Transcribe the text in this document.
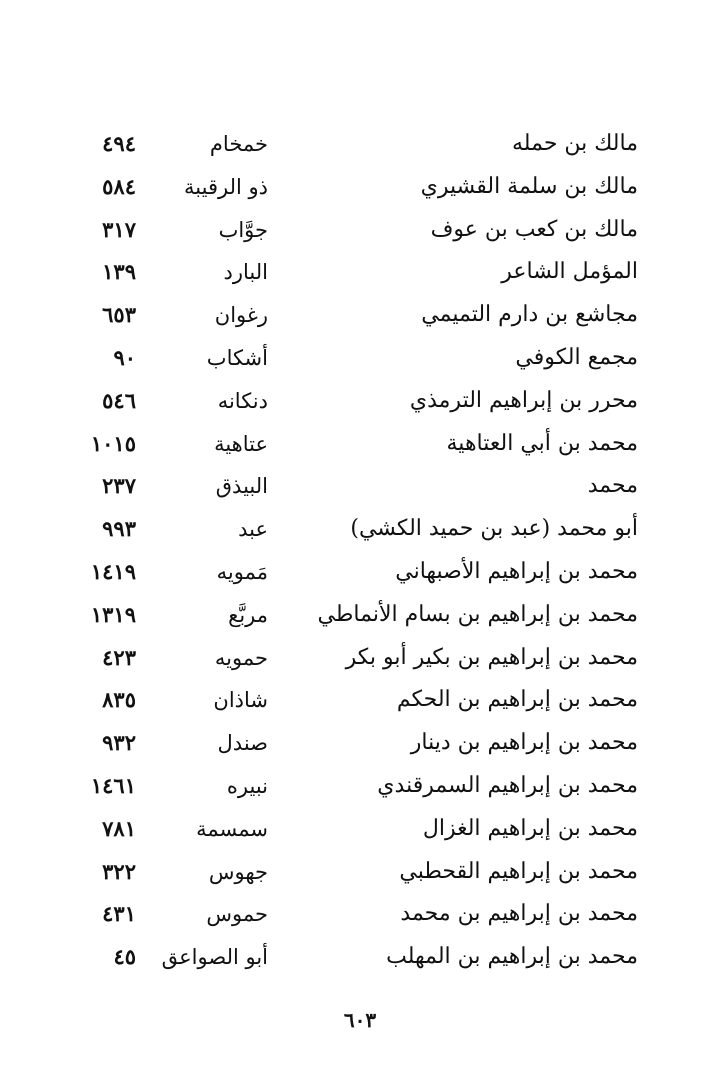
مالك بن حمله
خمخام
٤٩٤
مالك بن سلمة القشيري
ذو الرقيبة
٥٨٤
مالك بن كعب بن عوف
جوَّاب
٣١٧
المؤمل الشاعر
البارد
١٣٩
مجاشع بن دارم التميمي
رغوان
٦٥٣
مجمع الكوفي
أشكاب
٩٠
محرر بن إبراهيم الترمذي
دنكانه
٥٤٦
محمد بن أبي العتاهية
عتاهية
١٠١٥
محمد
البيذق
٢٣٧
أبو محمد (عبد بن حميد الكشي)
عبد
٩٩٣
محمد بن إبراهيم الأصبهاني
مَمويه
١٤١٩
محمد بن إبراهيم بن بسام الأنماطي
مربَّع
١٣١٩
محمد بن إبراهيم بن بكير أبو بكر
حمويه
٤٢٣
محمد بن إبراهيم بن الحكم
شاذان
٨٣٥
محمد بن إبراهيم بن دينار
صندل
٩٣٢
محمد بن إبراهيم السمرقندي
نبيره
١٤٦١
محمد بن إبراهيم الغزال
سمسمة
٧٨١
محمد بن إبراهيم القحطبي
جهوس
٣٢٢
محمد بن إبراهيم بن محمد
حموس
٤٣١
محمد بن إبراهيم بن المهلب
أبو الصواعق
٤٥
٦٠٣
